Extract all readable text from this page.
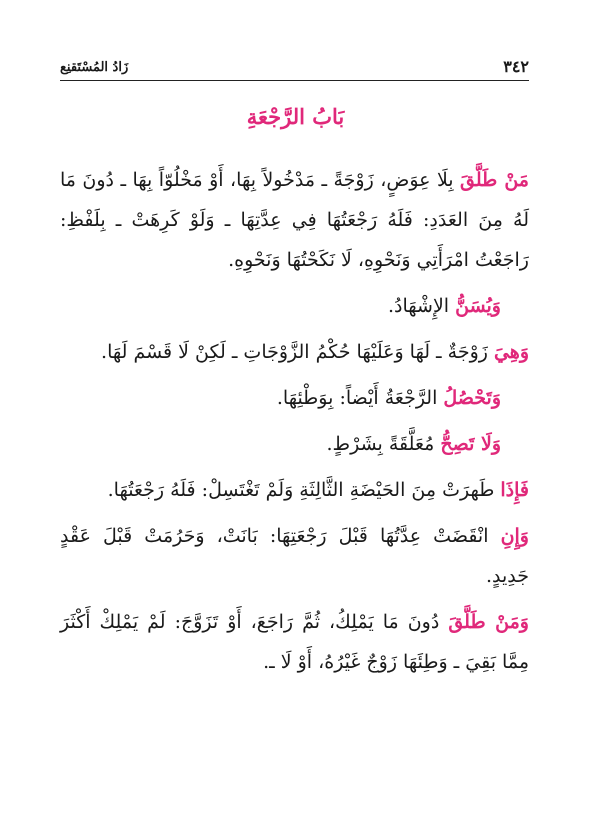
٣٤٢
زَادُ المُسْتَقنِع
بَابُ الرَّجْعَةِ

مَنْ طَلَّقَ بِلَا عِوَضٍ، زَوْجَةً ـ مَدْخُولاً بِهَا، أَوْ مَخْلُوّاً بِهَا ـ دُونَ مَا لَهُ مِنَ العَدَدِ: فَلَهُ رَجْعَتُهَا فِي عِدَّتِهَا ـ وَلَوْ كَرِهَتْ ـ بِلَفْظِ: رَاجَعْتُ امْرَأَتِي وَنَحْوِهِ، لَا نَكَحْتُهَا وَنَحْوِهِ.

وَيُسَنُّ الإِشْهَادُ.

وَهِيَ زَوْجَةٌ ـ لَهَا وَعَلَيْهَا حُكْمُ الزَّوْجَاتِ ـ لَكِنْ لَا قَسْمَ لَهَا.

وَتَحْصُلُ الرَّجْعَةُ أَيْضاً: بِوَطْئِهَا.

وَلَا تَصِحُّ مُعَلَّقَةً بِشَرْطٍ.

فَإِذَا طَهرَتْ مِنَ الحَيْضَةِ الثَّالِثَةِ وَلَمْ تَغْتَسِلْ: فَلَهُ رَجْعَتُهَا.

وَإِنِ انْقَضَتْ عِدَّتُهَا قَبْلَ رَجْعَتِهَا: بَانَتْ، وَحَرُمَتْ قَبْلَ عَقْدٍ جَدِيدٍ.

وَمَنْ طَلَّقَ دُونَ مَا يَمْلِكُ، ثُمَّ رَاجَعَ، أَوْ تَزَوَّجَ: لَمْ يَمْلِكْ أَكْثَرَ مِمَّا بَقِيَ ـ وَطِئَهَا زَوْجٌ غَيْرُهُ، أَوْ لَا ـ.
